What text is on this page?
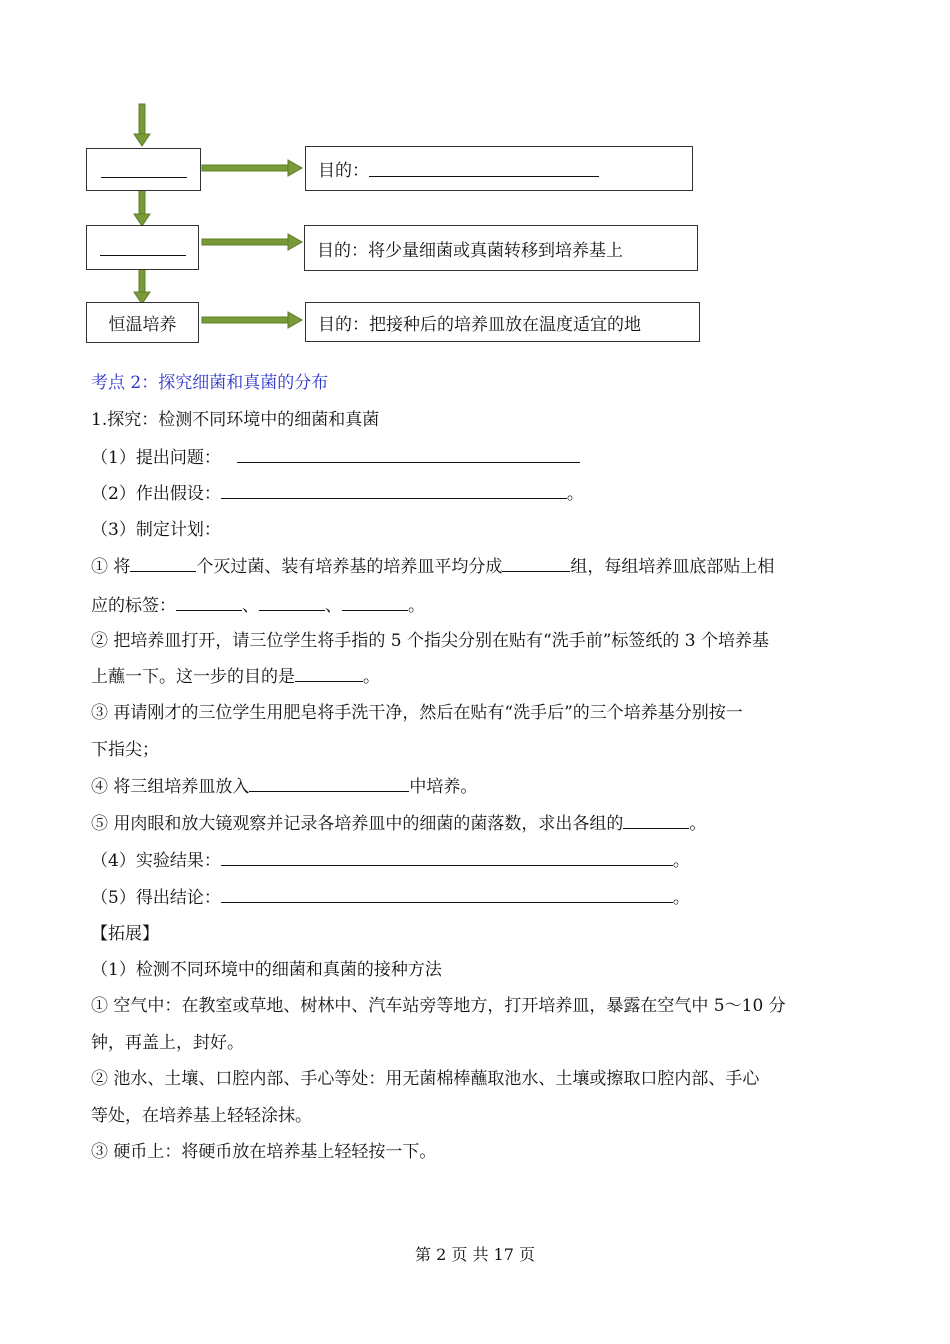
目的：
目的：将少量细菌或真菌转移到培养基上
恒温培养	目的：把接种后的培养皿放在温度适宜的地
考点 2：探究细菌和真菌的分布
1.探究：检测不同环境中的细菌和真菌
（1）提出问题：
（2）作出假设：	。
（3）制定计划：
① 将	个灭过菌、装有培养基的培养皿平均分成	组，每组培养皿底部贴上相
应的标签：	、	、	。
② 把培养皿打开，请三位学生将手指的 5 个指尖分别在贴有“洗手前”标签纸的 3 个培养基
上蘸一下。这一步的目的是	。
③ 再请刚才的三位学生用肥皂将手洗干净，然后在贴有“洗手后”的三个培养基分别按一
下指尖；
④ 将三组培养皿放入	中培养。
⑤ 用肉眼和放大镜观察并记录各培养皿中的细菌的菌落数，求出各组的	。
（4）实验结果：	。
（5）得出结论：	。
【拓展】
（1）检测不同环境中的细菌和真菌的接种方法
① 空气中：在教室或草地、树林中、汽车站旁等地方，打开培养皿，暴露在空气中 5～10 分
钟，再盖上，封好。
② 池水、土壤、口腔内部、手心等处：用无菌棉棒蘸取池水、土壤或擦取口腔内部、手心
等处，在培养基上轻轻涂抹。
③ 硬币上：将硬币放在培养基上轻轻按一下。
第 2 页 共 17 页
